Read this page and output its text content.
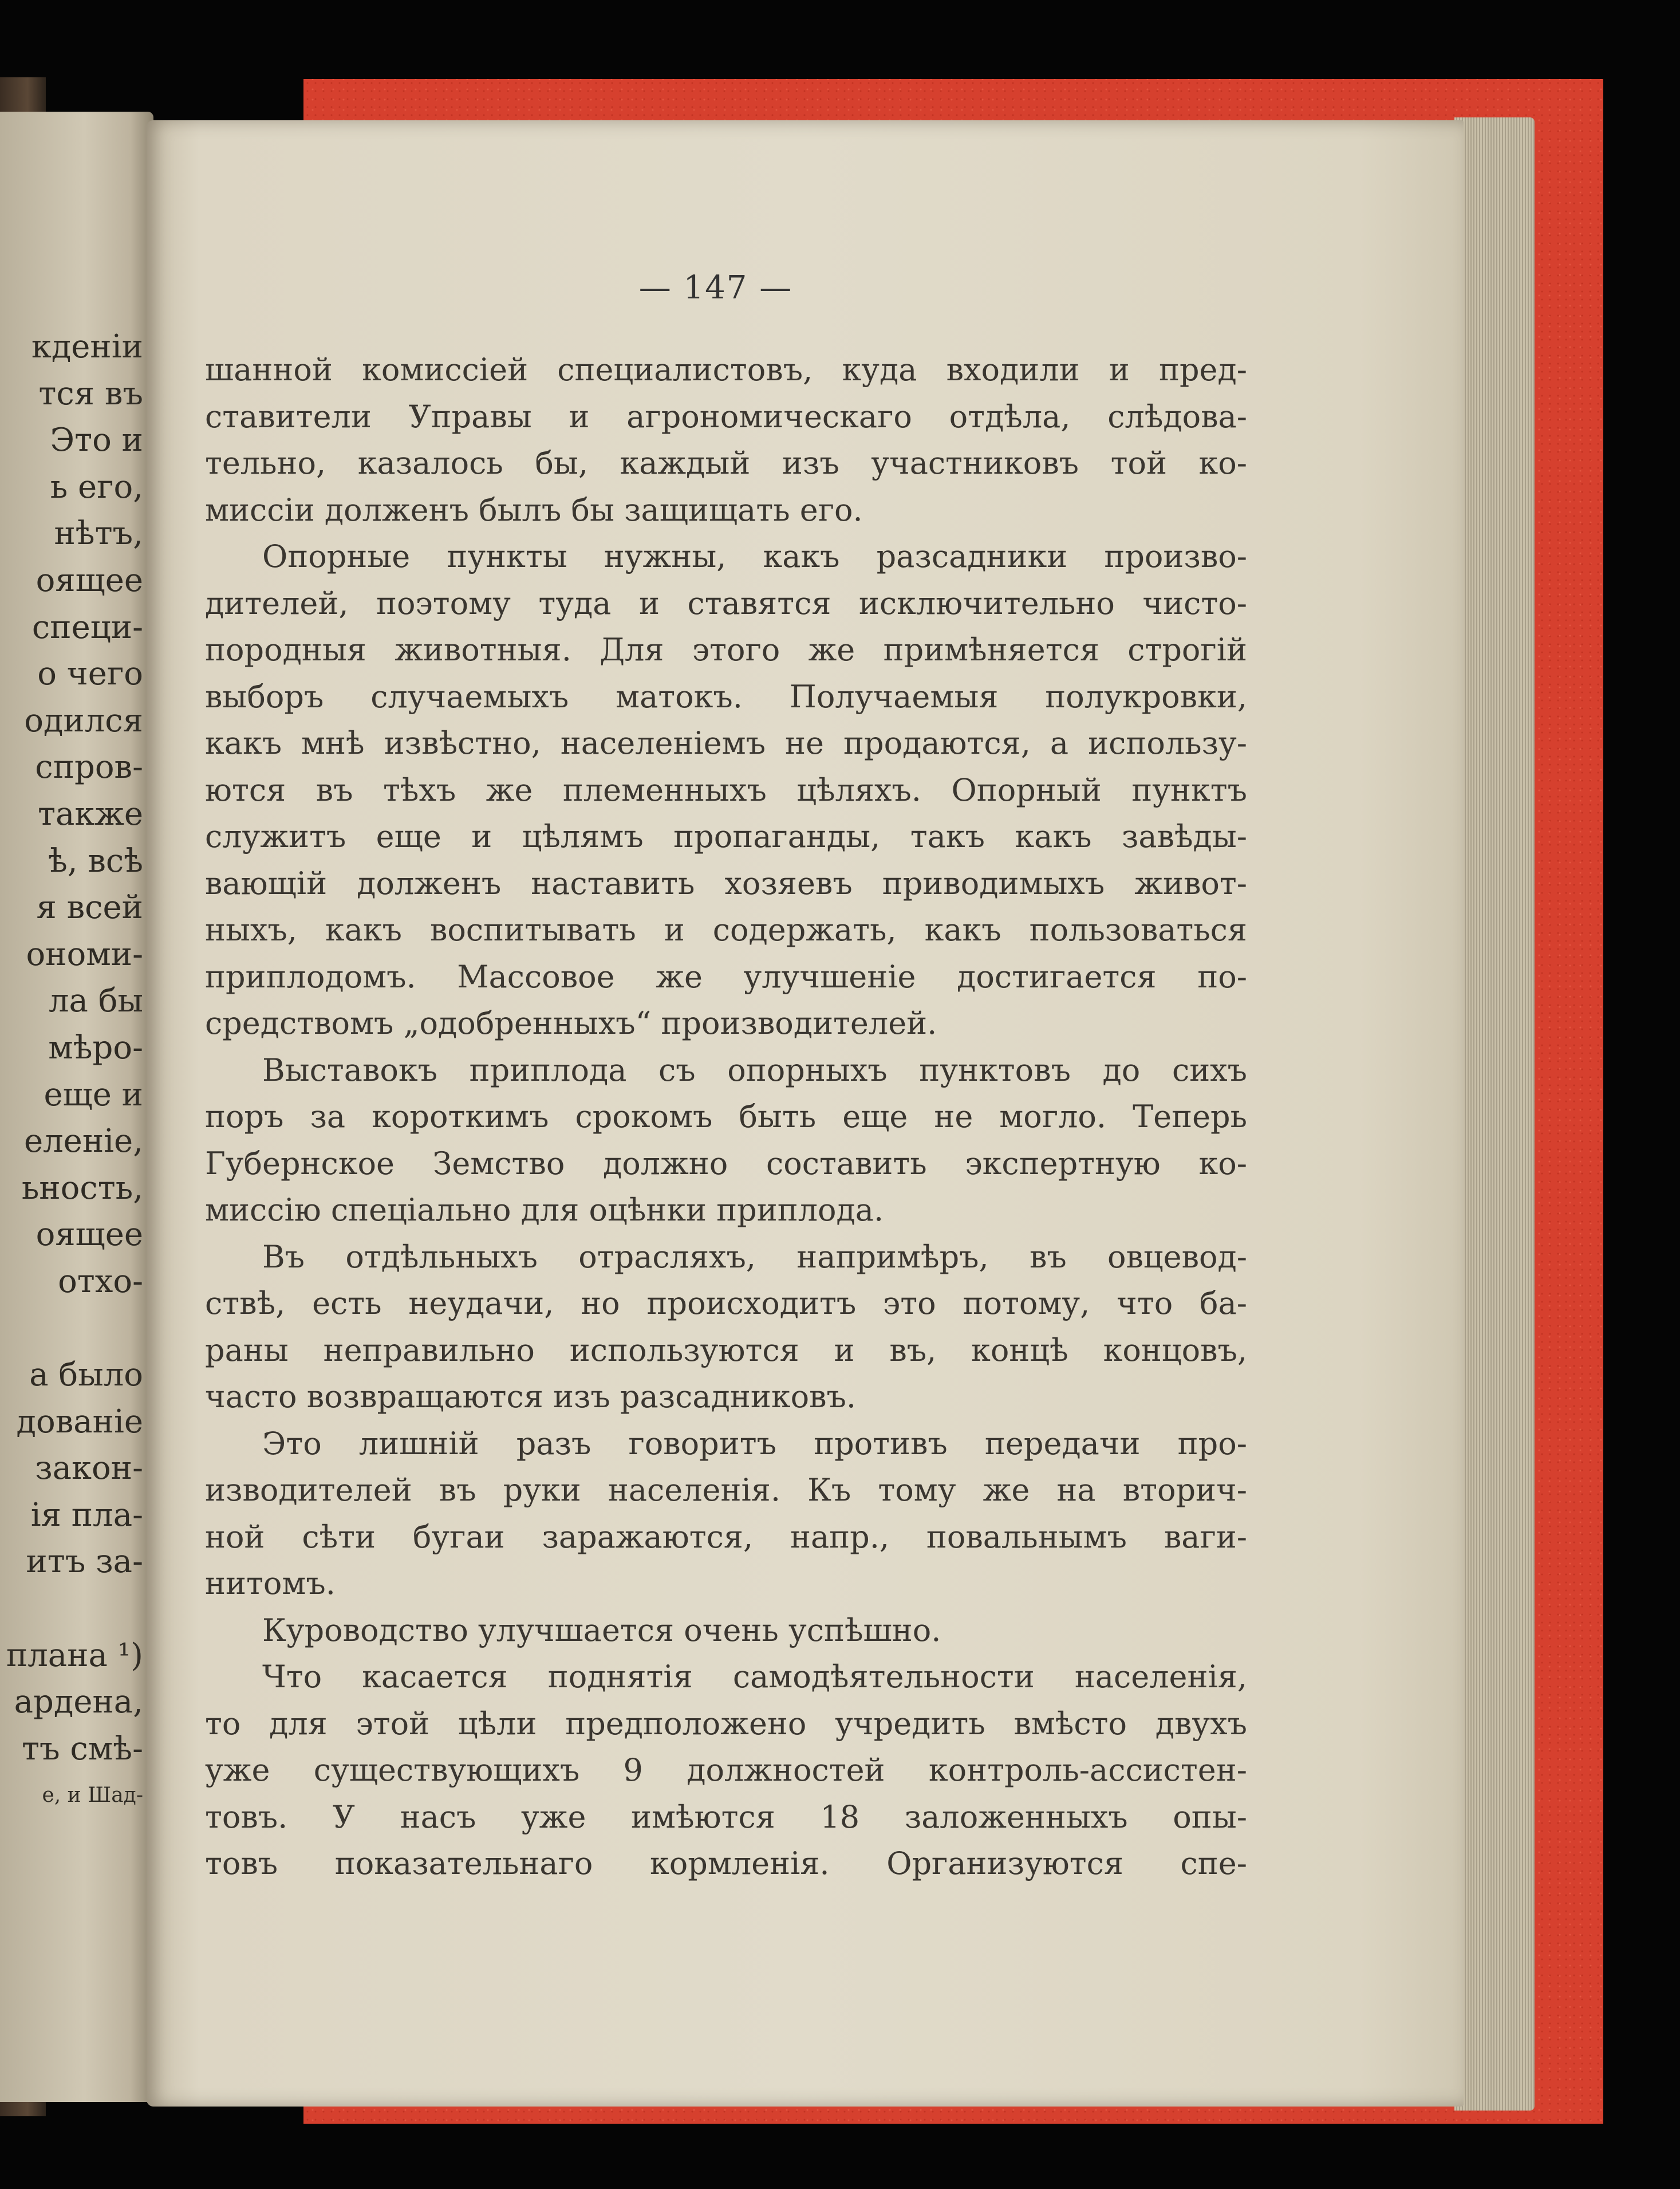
кденіи
тся въ
Это и
ь его,
нѣтъ,
оящее
специ-
о чего
одился
спров-
также
ѣ, всѣ
я всей
ономи-
ла бы
мѣро-
еще и
еленіе,
ьность,
оящее
отхо-
а было
дованіе
закон-
ія пла-
итъ за-
плана ¹)
ардена,
тъ смѣ-
е, и Шад-
— 147 —
шанной комиссіей специалистовъ, куда входили и пред-
ставители Управы и агрономическаго отдѣла, слѣдова-
тельно, казалось бы, каждый изъ участниковъ той ко-
миссіи долженъ былъ бы защищать его.
Опорные пункты нужны, какъ разсадники произво-
дителей, поэтому туда и ставятся исключительно чисто-
породныя животныя. Для этого же примѣняется строгій
выборъ случаемыхъ матокъ. Получаемыя полукровки,
какъ мнѣ извѣстно, населеніемъ не продаются, а использу-
ются въ тѣхъ же племенныхъ цѣляхъ. Опорный пунктъ
служитъ еще и цѣлямъ пропаганды, такъ какъ завѣды-
вающій долженъ наставить хозяевъ приводимыхъ живот-
ныхъ, какъ воспитывать и содержать, какъ пользоваться
приплодомъ. Массовое же улучшеніе достигается по-
средствомъ „одобренныхъ“ производителей.
Выставокъ приплода съ опорныхъ пунктовъ до сихъ
поръ за короткимъ срокомъ быть еще не могло. Теперь
Губернское Земство должно составить экспертную ко-
миссію спеціально для оцѣнки приплода.
Въ отдѣльныхъ отрасляхъ, напримѣръ, въ овцевод-
ствѣ, есть неудачи, но происходитъ это потому, что ба-
раны неправильно используются и въ, концѣ концовъ,
часто возвращаются изъ разсадниковъ.
Это лишній разъ говоритъ противъ передачи про-
изводителей въ руки населенія. Къ тому же на вторич-
ной сѣти бугаи заражаются, напр., повальнымъ ваги-
нитомъ.
Куроводство улучшается очень успѣшно.
Что касается поднятія самодѣятельности населенія,
то для этой цѣли предположено учредить вмѣсто двухъ
уже существующихъ 9 должностей контроль-ассистен-
товъ. У насъ уже имѣются 18 заложенныхъ опы-
товъ показательнаго кормленія. Организуются спе-
